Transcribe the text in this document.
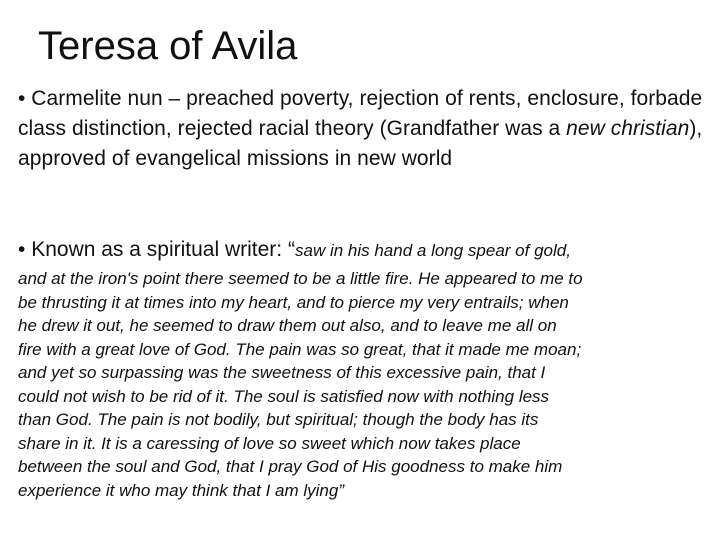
Teresa of Avila
• Carmelite nun – preached poverty, rejection of rents, enclosure, forbade class distinction, rejected racial theory (Grandfather was a new christian), approved of evangelical missions in new world
• Known as a spiritual writer: “saw in his hand a long spear of gold,
and at the iron's point there seemed to be a little fire. He appeared to me to
be thrusting it at times into my heart, and to pierce my very entrails; when
he drew it out, he seemed to draw them out also, and to leave me all on
fire with a great love of God. The pain was so great, that it made me moan;
and yet so surpassing was the sweetness of this excessive pain, that I
could not wish to be rid of it. The soul is satisfied now with nothing less
than God. The pain is not bodily, but spiritual; though the body has its
share in it. It is a caressing of love so sweet which now takes place
between the soul and God, that I pray God of His goodness to make him
experience it who may think that I am lying”
